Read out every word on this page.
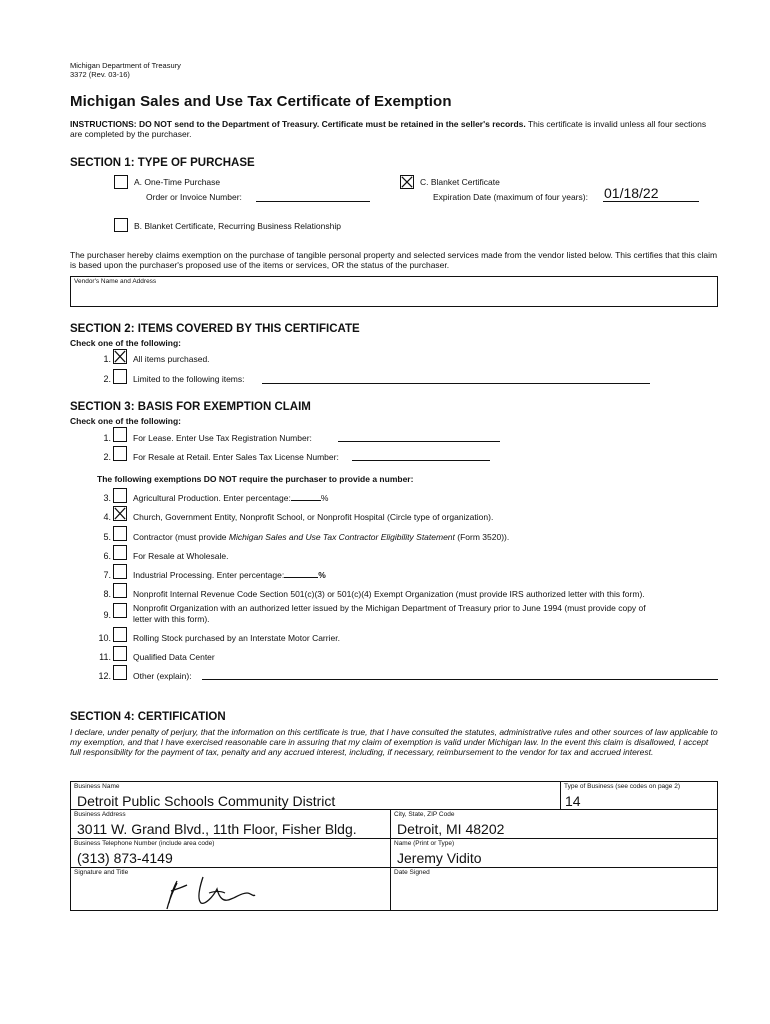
Michigan Department of Treasury
3372 (Rev. 03-16)
Michigan Sales and Use Tax Certificate of Exemption
INSTRUCTIONS: DO NOT send to the Department of Treasury. Certificate must be retained in the seller's records. This certificate is invalid unless all four sections are completed by the purchaser.
SECTION 1: TYPE OF PURCHASE
A. One-Time Purchase
Order or Invoice Number:
C. Blanket Certificate
Expiration Date (maximum of four years): 01/18/22
B. Blanket Certificate, Recurring Business Relationship
The purchaser hereby claims exemption on the purchase of tangible personal property and selected services made from the vendor listed below. This certifies that this claim is based upon the purchaser's proposed use of the items or services, OR the status of the purchaser.
Vendor's Name and Address
SECTION 2: ITEMS COVERED BY THIS CERTIFICATE
Check one of the following:
1.	All items purchased.
2.	Limited to the following items:
SECTION 3: BASIS FOR EXEMPTION CLAIM
Check one of the following:
1.	For Lease. Enter Use Tax Registration Number:
2.	For Resale at Retail. Enter Sales Tax License Number:
The following exemptions DO NOT require the purchaser to provide a number:
3.	Agricultural Production. Enter percentage:	%
4.	Church, Government Entity, Nonprofit School, or Nonprofit Hospital (Circle type of organization).
5.	Contractor (must provide Michigan Sales and Use Tax Contractor Eligibility Statement (Form 3520)).
6.	For Resale at Wholesale.
7.	Industrial Processing. Enter percentage:	%
8.	Nonprofit Internal Revenue Code Section 501(c)(3) or 501(c)(4) Exempt Organization (must provide IRS authorized letter with this form).
9.
Nonprofit Organization with an authorized letter issued by the Michigan Department of Treasury prior to June 1994 (must provide copy of
letter with this form).
10.	Rolling Stock purchased by an Interstate Motor Carrier.
11.	Qualified Data Center
12.	Other (explain):
SECTION 4: CERTIFICATION
I declare, under penalty of perjury, that the information on this certificate is true, that I have consulted the statutes, administrative rules and other sources of law applicable to my exemption, and that I have exercised reasonable care in assuring that my claim of exemption is valid under Michigan law. In the event this claim is disallowed, I accept full responsibility for the payment of tax, penalty and any accrued interest, including, if necessary, reimbursement to the vendor for tax and accrued interest.
Business Name
Detroit Public Schools Community District
Type of Business (see codes on page 2)
14
Business Address
3011 W. Grand Blvd., 11th Floor, Fisher Bldg.
City, State, ZIP Code
Detroit, MI 48202
Business Telephone Number (include area code)
(313) 873-4149
Name (Print or Type)
Jeremy Vidito
Signature and Title	Date Signed
